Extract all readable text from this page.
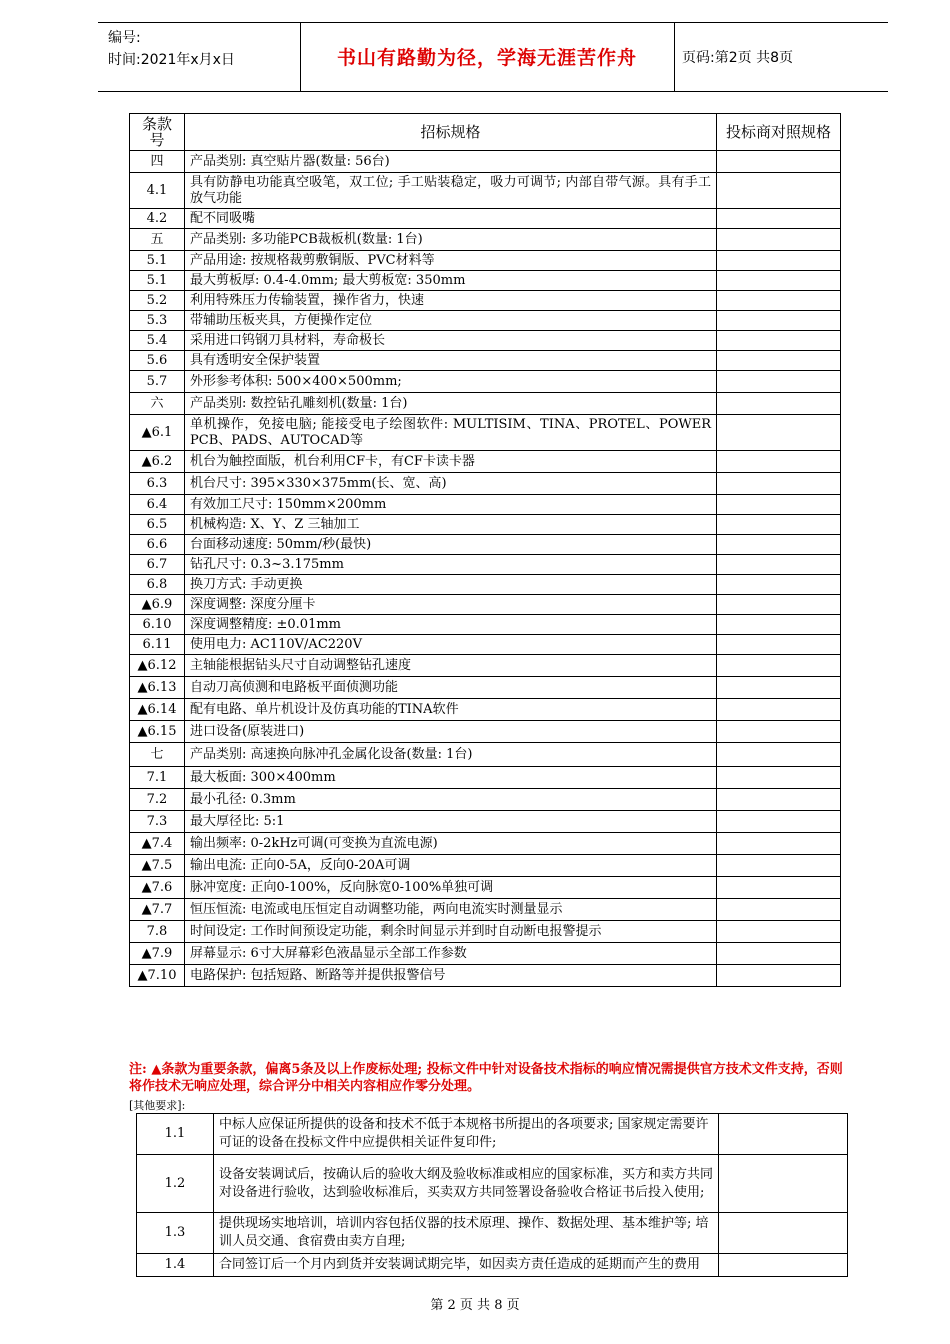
编号:
时间:2021年x月x日	书山有路勤为径，学海无涯苦作舟	页码:第2页 共8页
条款号	招标规格	投标商对照规格
四	产品类别: 真空贴片器(数量: 56台)	
4.1	具有防静电功能真空吸笔，双工位; 手工贴装稳定，吸力可调节; 内部自带气源。具有手工放气功能	
4.2	配不同吸嘴	
五	产品类别: 多功能PCB裁板机(数量: 1台)	
5.1	产品用途: 按规格裁剪敷铜版、PVC材料等	
5.1	最大剪板厚: 0.4-4.0mm; 最大剪板宽: 350mm	
5.2	利用特殊压力传输装置，操作省力，快速	
5.3	带辅助压板夹具，方便操作定位	
5.4	采用进口钨钢刀具材料，寿命极长	
5.6	具有透明安全保护装置	
5.7	外形参考体积: 500×400×500mm;	
六	产品类别: 数控钻孔雕刻机(数量: 1台)	
▲6.1	单机操作，免接电脑; 能接受电子绘图软件: MULTISIM、TINA、PROTEL、POWER PCB、PADS、AUTOCAD等	
▲6.2	机台为触控面版，机台利用CF卡，有CF卡读卡器	
6.3	机台尺寸: 395×330×375mm(长、宽、高)	
6.4	有效加工尺寸: 150mm×200mm	
6.5	机械构造: X、Y、Z 三轴加工	
6.6	台面移动速度: 50mm/秒(最快)	
6.7	钻孔尺寸: 0.3~3.175mm	
6.8	换刀方式: 手动更换	
▲6.9	深度调整: 深度分厘卡	
6.10	深度调整精度: ±0.01mm	
6.11	使用电力: AC110V/AC220V	
▲6.12	主轴能根据钻头尺寸自动调整钻孔速度	
▲6.13	自动刀高侦测和电路板平面侦测功能	
▲6.14	配有电路、单片机设计及仿真功能的TINA软件	
▲6.15	进口设备(原装进口)	
七	产品类别: 高速换向脉冲孔金属化设备(数量: 1台)	
7.1	最大板面: 300×400mm	
7.2	最小孔径: 0.3mm	
7.3	最大厚径比: 5:1	
▲7.4	输出频率: 0-2kHz可调(可变换为直流电源)	
▲7.5	输出电流: 正向0-5A，反向0-20A可调	
▲7.6	脉冲宽度: 正向0-100%，反向脉宽0-100%单独可调	
▲7.7	恒压恒流: 电流或电压恒定自动调整功能，两向电流实时测量显示	
7.8	时间设定: 工作时间预设定功能，剩余时间显示并到时自动断电报警提示	
▲7.9	屏幕显示: 6寸大屏幕彩色液晶显示全部工作参数	
▲7.10	电路保护: 包括短路、断路等并提供报警信号	
注: ▲条款为重要条款，偏离5条及以上作废标处理; 投标文件中针对设备技术指标的响应情况需提供官方技术文件支持，否则将作技术无响应处理，综合评分中相关内容相应作零分处理。
[其他要求]:
1.1	中标人应保证所提供的设备和技术不低于本规格书所提出的各项要求; 国家规定需要许可证的设备在投标文件中应提供相关证件复印件;	
1.2	设备安装调试后，按确认后的验收大纲及验收标准或相应的国家标准，买方和卖方共同对设备进行验收，达到验收标准后，买卖双方共同签署设备验收合格证书后投入使用;	
1.3	提供现场实地培训，培训内容包括仪器的技术原理、操作、数据处理、基本维护等; 培训人员交通、食宿费由卖方自理;	
1.4	合同签订后一个月内到货并安装调试期完毕，如因卖方责任造成的延期而产生的费用	
第 2 页 共 8 页
